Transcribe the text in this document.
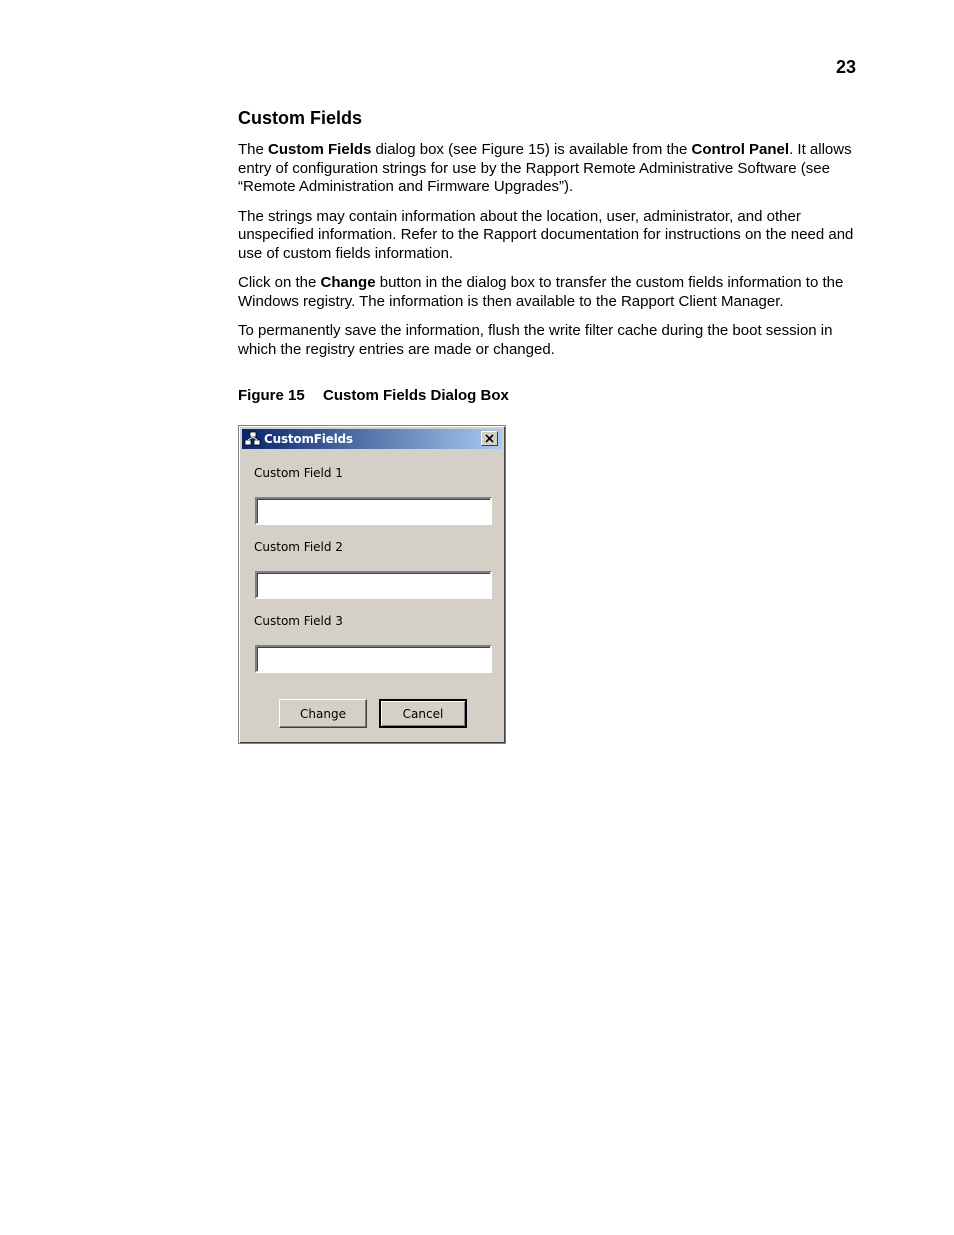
23
Custom Fields

The Custom Fields dialog box (see Figure 15) is available from the Control Panel. It allows entry of configuration strings for use by the Rapport Remote Administrative Software (see “Remote Administration and Firmware Upgrades”).

The strings may contain information about the location, user, administrator, and other unspecified information. Refer to the Rapport documentation for instructions on the need and use of custom fields information.

Click on the Change button in the dialog box to transfer the custom fields information to the Windows registry. The information is then available to the Rapport Client Manager.

To permanently save the information, flush the write filter cache during the boot session in which the registry entries are made or changed.

Figure 15 Custom Fields Dialog Box
CustomFields
Custom Field 1
Custom Field 2
Custom Field 3
Change	Cancel
